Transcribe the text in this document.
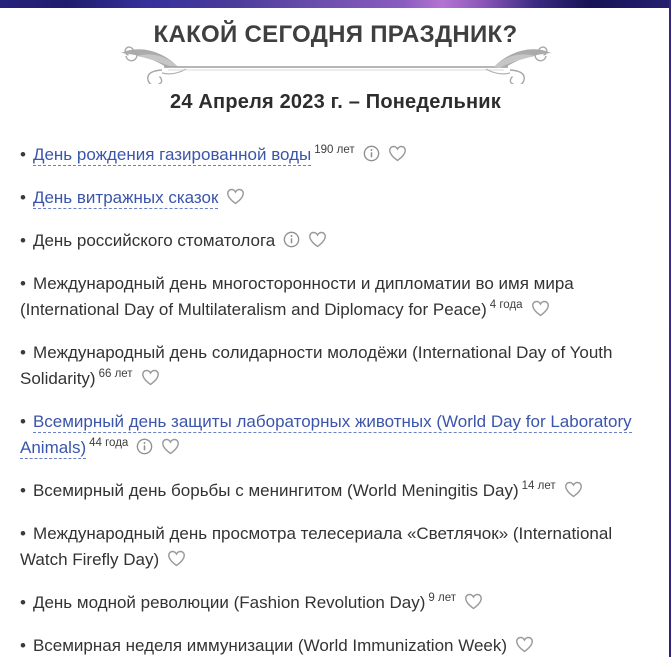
КАКОЙ СЕГОДНЯ ПРАЗДНИК?
24 Апреля 2023 г. – Понедельник

• День рождения газированной воды $^{190 лет}$

• День витражных сказок

• День российского стоматолога

• Международный день многосторонности и дипломатии во имя мира (International Day of Multilateralism and Diplomacy for Peace) $^{4 года}$

• Международный день солидарности молодёжи (International Day of Youth Solidarity) $^{66 лет}$

• Всемирный день защиты лабораторных животных (World Day for Laboratory Animals) $^{44 года}$

• Всемирный день борьбы с менингитом (World Meningitis Day) $^{14 лет}$

• Международный день просмотра телесериала «Светлячок» (International Watch Firefly Day)

• День модной революции (Fashion Revolution Day) $^{9 лет}$

• Всемирная неделя иммунизации (World Immunization Week)
